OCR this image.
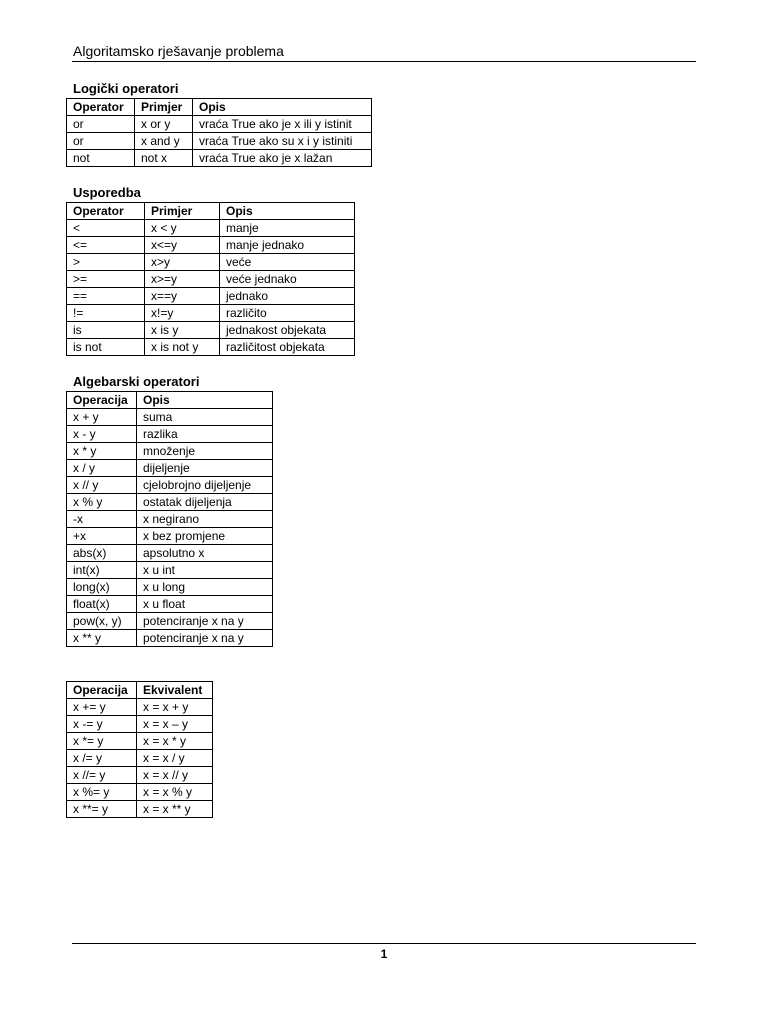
Algoritamsko rješavanje problema
Logički operatori
Operator	Primjer	Opis
or	x or y	vraća True ako je x ili y istinit
or	x and y	vraća True ako su x i y istiniti
not	not x	vraća True ako je x lažan
Usporedba
Operator	Primjer	Opis
<	x < y	manje
<=	x<=y	manje jednako
>	x>y	veće
>=	x>=y	veće jednako
==	x==y	jednako
!=	x!=y	različito
is	x is y	jednakost objekata
is not	x is not y	različitost objekata
Algebarski operatori
Operacija	Opis
x + y	suma
x - y	razlika
x * y	množenje
x / y	dijeljenje
x // y	cjelobrojno dijeljenje
x % y	ostatak dijeljenja
-x	x negirano
+x	x bez promjene
abs(x)	apsolutno x
int(x)	x u int
long(x)	x u long
float(x)	x u float
pow(x, y)	potenciranje x na y
x ** y	potenciranje x na y
Operacija	Ekvivalent
x += y	x = x + y
x -= y	x = x – y
x *= y	x = x * y
x /= y	x = x / y
x //= y	x = x // y
x %= y	x = x % y
x **= y	x = x ** y
1
